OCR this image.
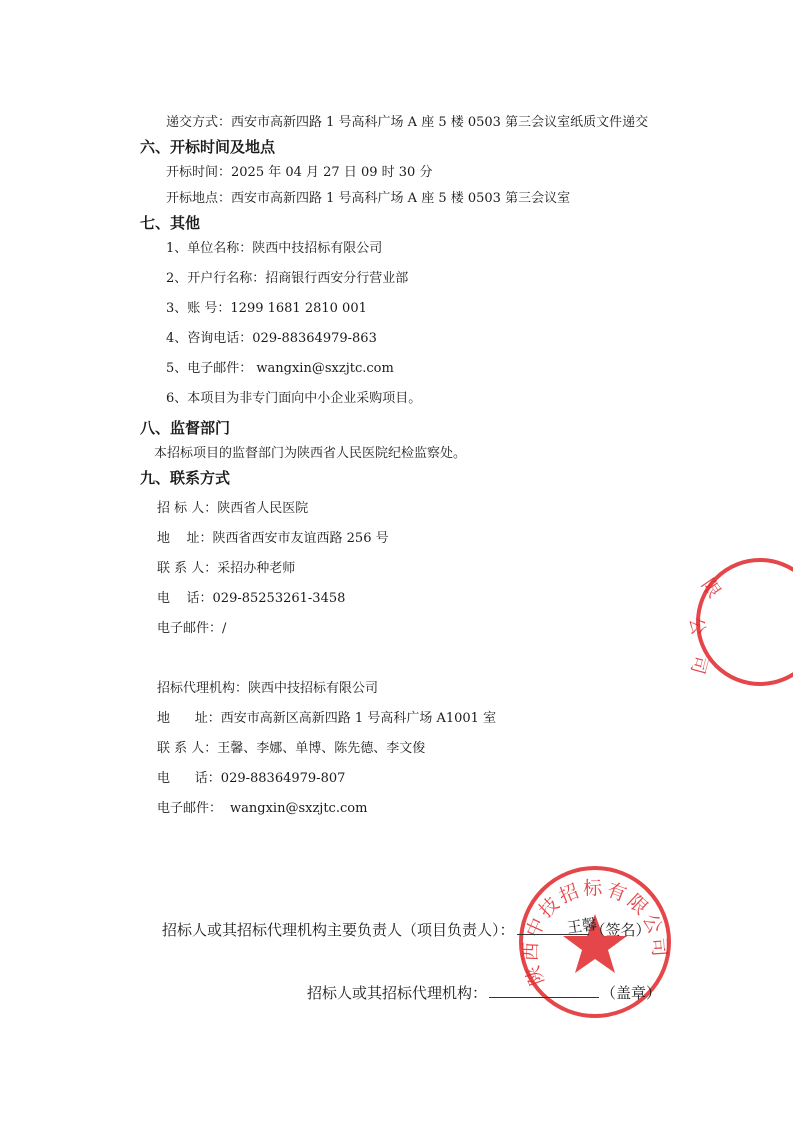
递交方式：西安市高新四路 1 号高科广场 A 座 5 楼 0503 第三会议室纸质文件递交
六、开标时间及地点
开标时间：2025 年 04 月 27 日 09 时 30 分
开标地点：西安市高新四路 1 号高科广场 A 座 5 楼 0503 第三会议室
七、其他
1、单位名称：陕西中技招标有限公司
2、开户行名称：招商银行西安分行营业部
3、账 号：1299 1681 2810 001
4、咨询电话：029-88364979-863
5、电子邮件： wangxin@sxzjtc.com
6、本项目为非专门面向中小企业采购项目。
八、监督部门
本招标项目的监督部门为陕西省人民医院纪检监察处。
九、联系方式
招 标 人：陕西省人民医院
地    址：陕西省西安市友谊西路 256 号
联 系 人：采招办种老师
电    话：029-85253261-3458
电子邮件：/
招标代理机构：陕西中技招标有限公司
地      址：西安市高新区高新四路 1 号高科广场 A1001 室
联 系 人：王馨、李娜、单博、陈先德、李文俊
电      话：029-88364979-807
电子邮件： wangxin@sxzjtc.com
限
公
司
陕西中技招标有限公司
招标人或其招标代理机构主要负责人（项目负责人）：	（签名）
王馨
招标人或其招标代理机构：	（盖章）
